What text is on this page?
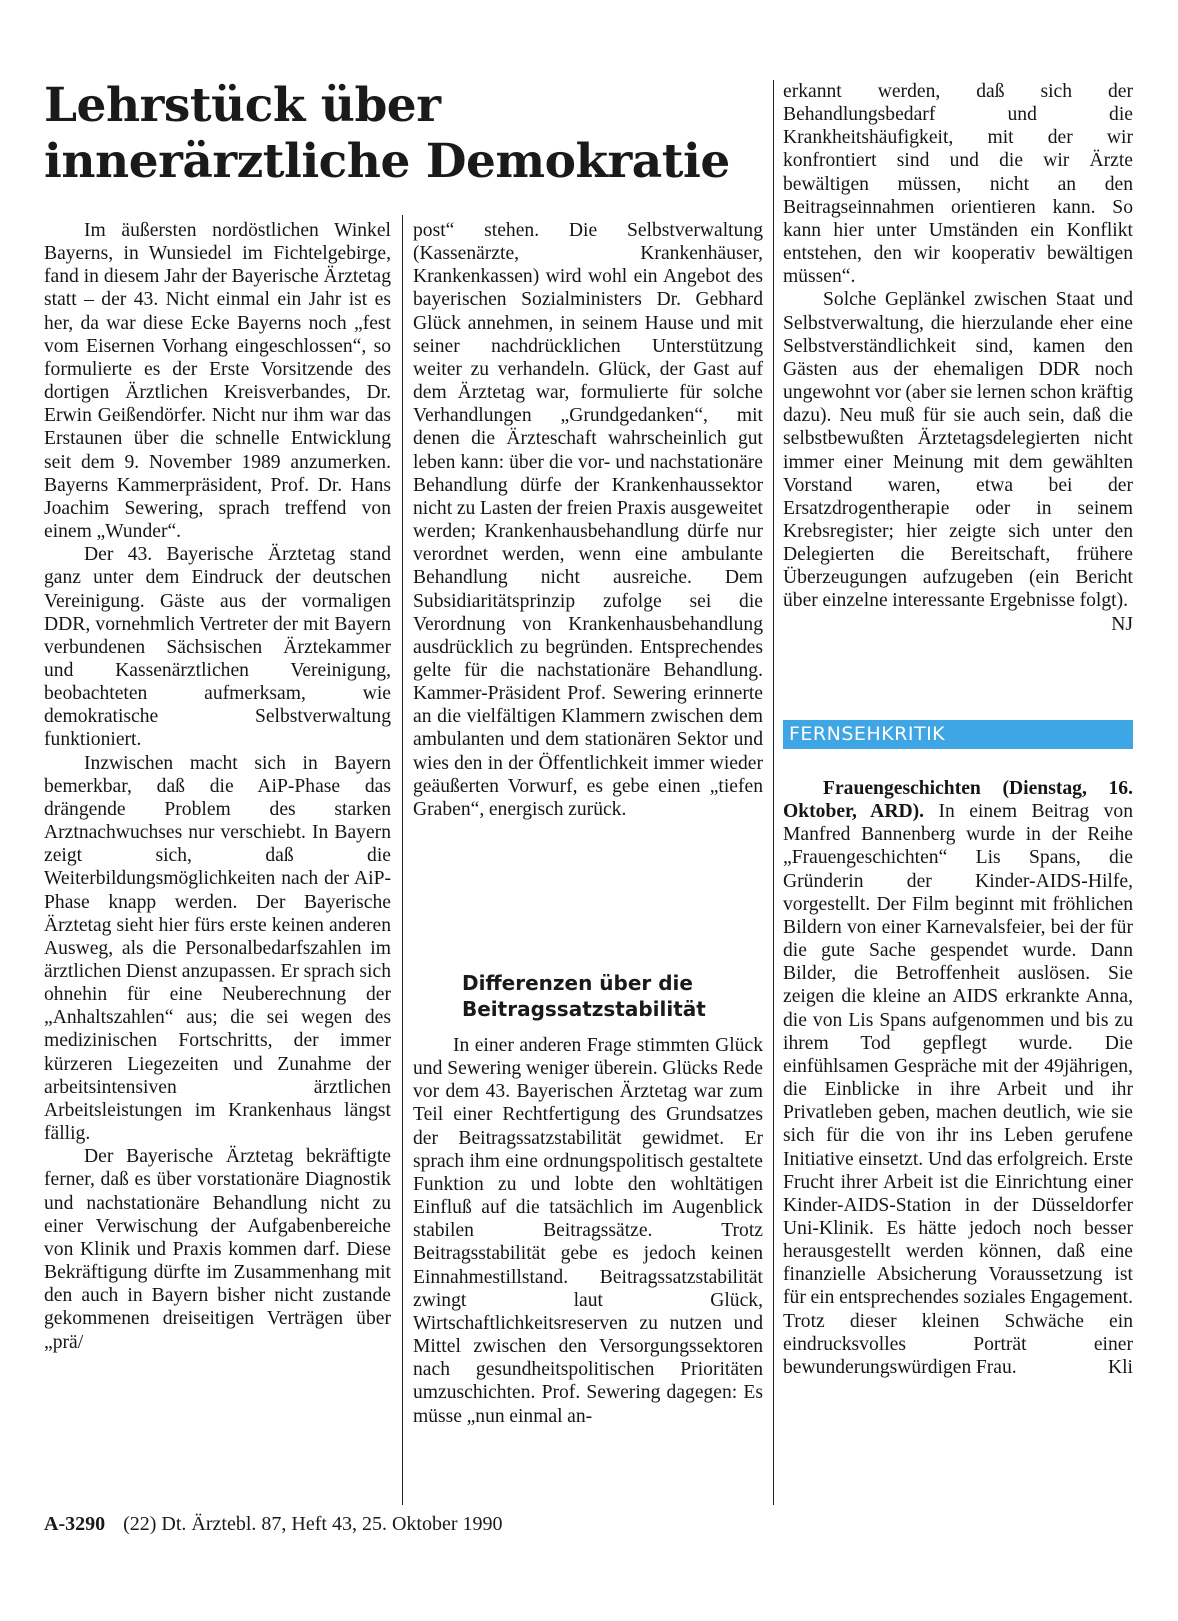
Lehrstück über innerärztliche Demokratie

Im äußersten nordöstlichen Winkel Bayerns, in Wunsiedel im Fichtelgebirge, fand in diesem Jahr der Bayerische Ärztetag statt – der 43. Nicht einmal ein Jahr ist es her, da war diese Ecke Bayerns noch „fest vom Eisernen Vorhang eingeschlossen“, so formulierte es der Erste Vorsitzende des dortigen Ärztlichen Kreisverbandes, Dr. Erwin Geißendörfer. Nicht nur ihm war das Erstaunen über die schnelle Entwicklung seit dem 9. November 1989 anzumerken. Bayerns Kammerpräsident, Prof. Dr. Hans Joachim Sewering, sprach treffend von einem „Wunder“.

Der 43. Bayerische Ärztetag stand ganz unter dem Eindruck der deutschen Vereinigung. Gäste aus der vormaligen DDR, vornehmlich Vertreter der mit Bayern verbundenen Sächsischen Ärztekammer und Kassenärztlichen Vereinigung, beobachteten aufmerksam, wie demokratische Selbstverwaltung funktioniert.

Inzwischen macht sich in Bayern bemerkbar, daß die AiP-Phase das drängende Problem des starken Arztnachwuchses nur verschiebt. In Bayern zeigt sich, daß die Weiterbildungsmöglichkeiten nach der AiP-Phase knapp werden. Der Bayerische Ärztetag sieht hier fürs erste keinen anderen Ausweg, als die Personalbedarfszahlen im ärztlichen Dienst anzupassen. Er sprach sich ohnehin für eine Neuberechnung der „Anhaltszahlen“ aus; die sei wegen des medizinischen Fortschritts, der immer kürzeren Liegezeiten und Zunahme der arbeitsintensiven ärztlichen Arbeitsleistungen im Krankenhaus längst fällig.

Der Bayerische Ärztetag bekräftigte ferner, daß es über vorstationäre Diagnostik und nachstationäre Behandlung nicht zu einer Verwischung der Aufgabenbereiche von Klinik und Praxis kommen darf. Diese Bekräftigung dürfte im Zusammenhang mit den auch in Bayern bisher nicht zustande gekommenen dreiseitigen Verträgen über „prä/

post“ stehen. Die Selbstverwaltung (Kassenärzte, Krankenhäuser, Krankenkassen) wird wohl ein Angebot des bayerischen Sozialministers Dr. Gebhard Glück annehmen, in seinem Hause und mit seiner nachdrücklichen Unterstützung weiter zu verhandeln. Glück, der Gast auf dem Ärztetag war, formulierte für solche Verhandlungen „Grundgedanken“, mit denen die Ärzteschaft wahrscheinlich gut leben kann: über die vor- und nachstationäre Behandlung dürfe der Krankenhaussektor nicht zu Lasten der freien Praxis ausgeweitet werden; Krankenhausbehandlung dürfe nur verordnet werden, wenn eine ambulante Behandlung nicht ausreiche. Dem Subsidiaritätsprinzip zufolge sei die Verordnung von Krankenhausbehandlung ausdrücklich zu begründen. Entsprechendes gelte für die nachstationäre Behandlung. Kammer-Präsident Prof. Sewering erinnerte an die vielfältigen Klammern zwischen dem ambulanten und dem stationären Sektor und wies den in der Öffentlichkeit immer wieder geäußerten Vorwurf, es gebe einen „tiefen Graben“, energisch zurück.

Differenzen über die Beitragssatzstabilität

In einer anderen Frage stimmten Glück und Sewering weniger überein. Glücks Rede vor dem 43. Bayerischen Ärztetag war zum Teil einer Rechtfertigung des Grundsatzes der Beitragssatzstabilität gewidmet. Er sprach ihm eine ordnungspolitisch gestaltete Funktion zu und lobte den wohltätigen Einfluß auf die tatsächlich im Augenblick stabilen Beitragssätze. Trotz Beitragsstabilität gebe es jedoch keinen Einnahmestillstand. Beitragssatzstabilität zwingt laut Glück, Wirtschaftlichkeitsreserven zu nutzen und Mittel zwischen den Versorgungssektoren nach gesundheitspolitischen Prioritäten umzuschichten. Prof. Sewering dagegen: Es müsse „nun einmal an-

erkannt werden, daß sich der Behandlungsbedarf und die Krankheitshäufigkeit, mit der wir konfrontiert sind und die wir Ärzte bewältigen müssen, nicht an den Beitragseinnahmen orientieren kann. So kann hier unter Umständen ein Konflikt entstehen, den wir kooperativ bewältigen müssen“.

Solche Geplänkel zwischen Staat und Selbstverwaltung, die hierzulande eher eine Selbstverständlichkeit sind, kamen den Gästen aus der ehemaligen DDR noch ungewohnt vor (aber sie lernen schon kräftig dazu). Neu muß für sie auch sein, daß die selbstbewußten Ärztetagsdelegierten nicht immer einer Meinung mit dem gewählten Vorstand waren, etwa bei der Ersatzdrogentherapie oder in seinem Krebsregister; hier zeigte sich unter den Delegierten die Bereitschaft, frühere Überzeugungen aufzugeben (ein Bericht über einzelne interessante Ergebnisse folgt).
NJ

FERNSEHKRITIK

Frauengeschichten (Dienstag, 16. Oktober, ARD). In einem Beitrag von Manfred Bannenberg wurde in der Reihe „Frauengeschichten“ Lis Spans, die Gründerin der Kinder-AIDS-Hilfe, vorgestellt. Der Film beginnt mit fröhlichen Bildern von einer Karnevalsfeier, bei der für die gute Sache gespendet wurde. Dann Bilder, die Betroffenheit auslösen. Sie zeigen die kleine an AIDS erkrankte Anna, die von Lis Spans aufgenommen und bis zu ihrem Tod gepflegt wurde. Die einfühlsamen Gespräche mit der 49jährigen, die Einblicke in ihre Arbeit und ihr Privatleben geben, machen deutlich, wie sie sich für die von ihr ins Leben gerufene Initiative einsetzt. Und das erfolgreich. Erste Frucht ihrer Arbeit ist die Einrichtung einer Kinder-AIDS-Station in der Düsseldorfer Uni-Klinik. Es hätte jedoch noch besser herausgestellt werden können, daß eine finanzielle Absicherung Voraussetzung ist für ein entsprechendes soziales Engagement. Trotz dieser kleinen Schwäche ein eindrucksvolles Porträt einer bewunderungswürdigen Frau.	Kli

A-3290 (22) Dt. Ärztebl. 87, Heft 43, 25. Oktober 1990
